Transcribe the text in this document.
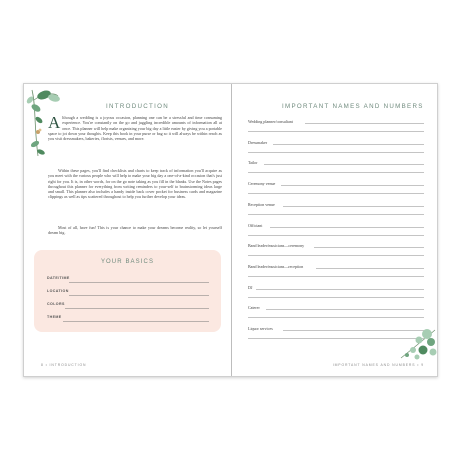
INTRODUCTION
A lthough a wedding is a joyous occasion, planning one can be a stressful and time consuming experience. You're constantly on the go and juggling incredible amounts of information all at once. This planner will help make organizing your big day a little easier by giving you a portable space to jot down your thoughts. Keep this book in your purse or bag so it will always be within reach as you visit dressmakers, bakeries, florists, venues, and more.
Within these pages, you'll find checklists and charts to keep track of information you'll acquire as you meet with the various people who will help to make your big day a one-of-a-kind occasion that's just right for you. It is, in other words, for on the go note taking as you fill in the blanks. Use the Notes pages throughout this planner for everything from writing reminders to your-self to brainstorming ideas large and small. This planner also includes a handy inside back cover pocket for business cards and magazine clippings as well as tips scattered throughout to help you further develop your ideas.
Most of all, have fun! This is your chance to make your dreams become reality, so let yourself dream big.
YOUR BASICS
DATE/TIME
LOCATION
COLORS
THEME
8 • INTRODUCTION
IMPORTANT NAMES AND NUMBERS
Wedding planner/consultant
Dressmaker
Tailor
Ceremony venue
Reception venue
Officiant
Band leader/musicians—ceremony
Band leader/musicians—reception
DJ
Caterer
Liquor services
IMPORTANT NAMES AND NUMBERS • 9
